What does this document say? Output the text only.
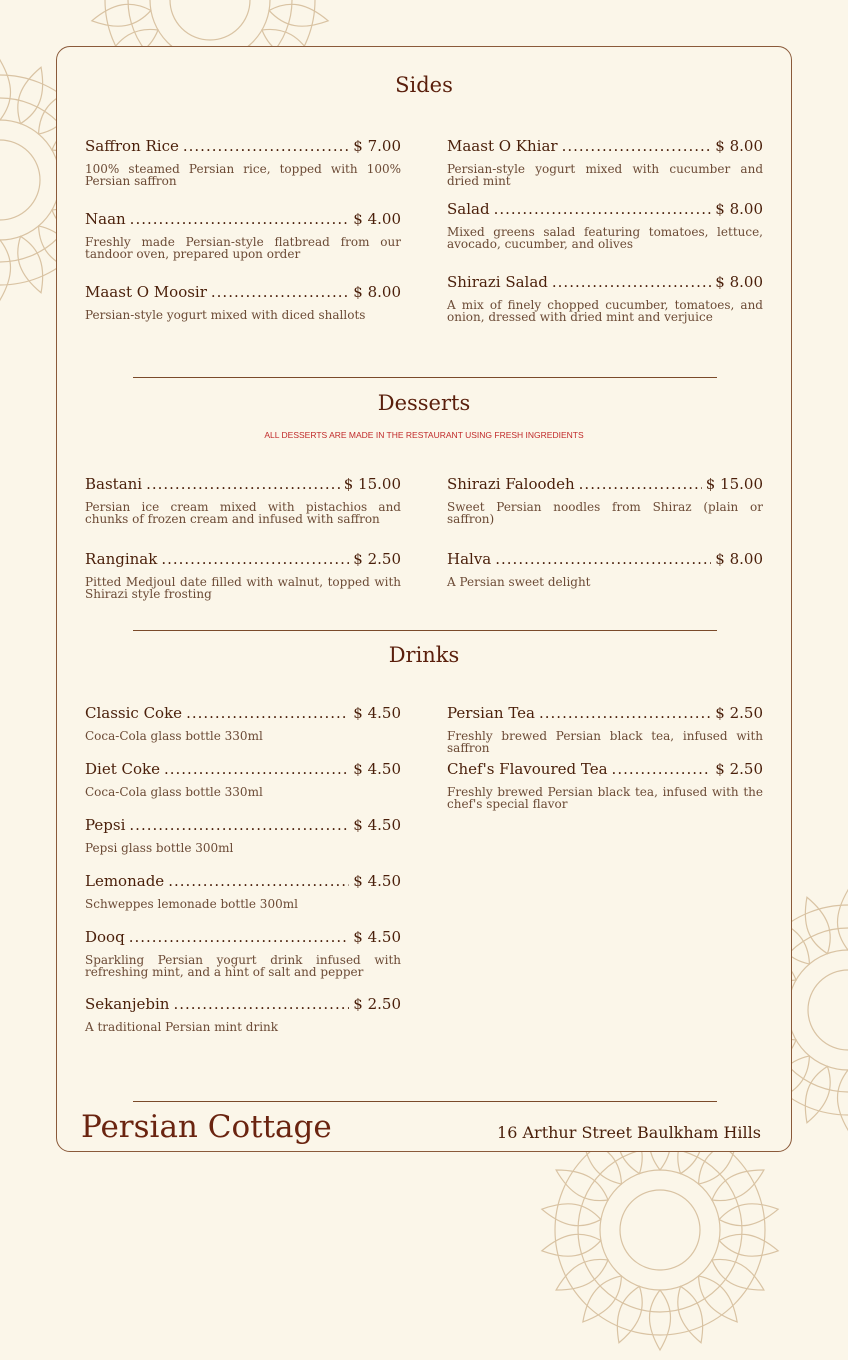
Sides
Saffron Rice .....	$ 7.00
100% steamed Persian rice, topped with 100% Persian saffron
Naan .....	$ 4.00
Freshly made Persian-style flatbread from our tandoor oven, prepared upon order
Maast O Moosir .....	$ 8.00
Persian-style yogurt mixed with diced shallots
Maast O Khiar .....	$ 8.00
Persian-style yogurt mixed with cucumber and dried mint
Salad .....	$ 8.00
Mixed greens salad featuring tomatoes, lettuce, avocado, cucumber, and olives
Shirazi Salad .....	$ 8.00
A mix of finely chopped cucumber, tomatoes, and onion, dressed with dried mint and verjuice
Desserts
ALL DESSERTS ARE MADE IN THE RESTAURANT USING FRESH INGREDIENTS
Bastani .....	$ 15.00
Persian ice cream mixed with pistachios and chunks of frozen cream and infused with saffron
Ranginak .....	$ 2.50
Pitted Medjoul date filled with walnut, topped with Shirazi style frosting
Shirazi Faloodeh .....	$ 15.00
Sweet Persian noodles from Shiraz (plain or saffron)
Halva .....	$ 8.00
A Persian sweet delight
Drinks
Classic Coke .....	$ 4.50
Coca-Cola glass bottle 330ml
Diet Coke .....	$ 4.50
Coca-Cola glass bottle 330ml
Pepsi .....	$ 4.50
Pepsi glass bottle 300ml
Lemonade .....	$ 4.50
Schweppes lemonade bottle 300ml
Dooq .....	$ 4.50
Sparkling Persian yogurt drink infused with refreshing mint, and a hint of salt and pepper
Sekanjebin .....	$ 2.50
A traditional Persian mint drink
Persian Tea .....	$ 2.50
Freshly brewed Persian black tea, infused with saffron
Chef's Flavoured Tea .....	$ 2.50
Freshly brewed Persian black tea, infused with the chef's special flavor
Persian Cottage	16 Arthur Street Baulkham Hills
